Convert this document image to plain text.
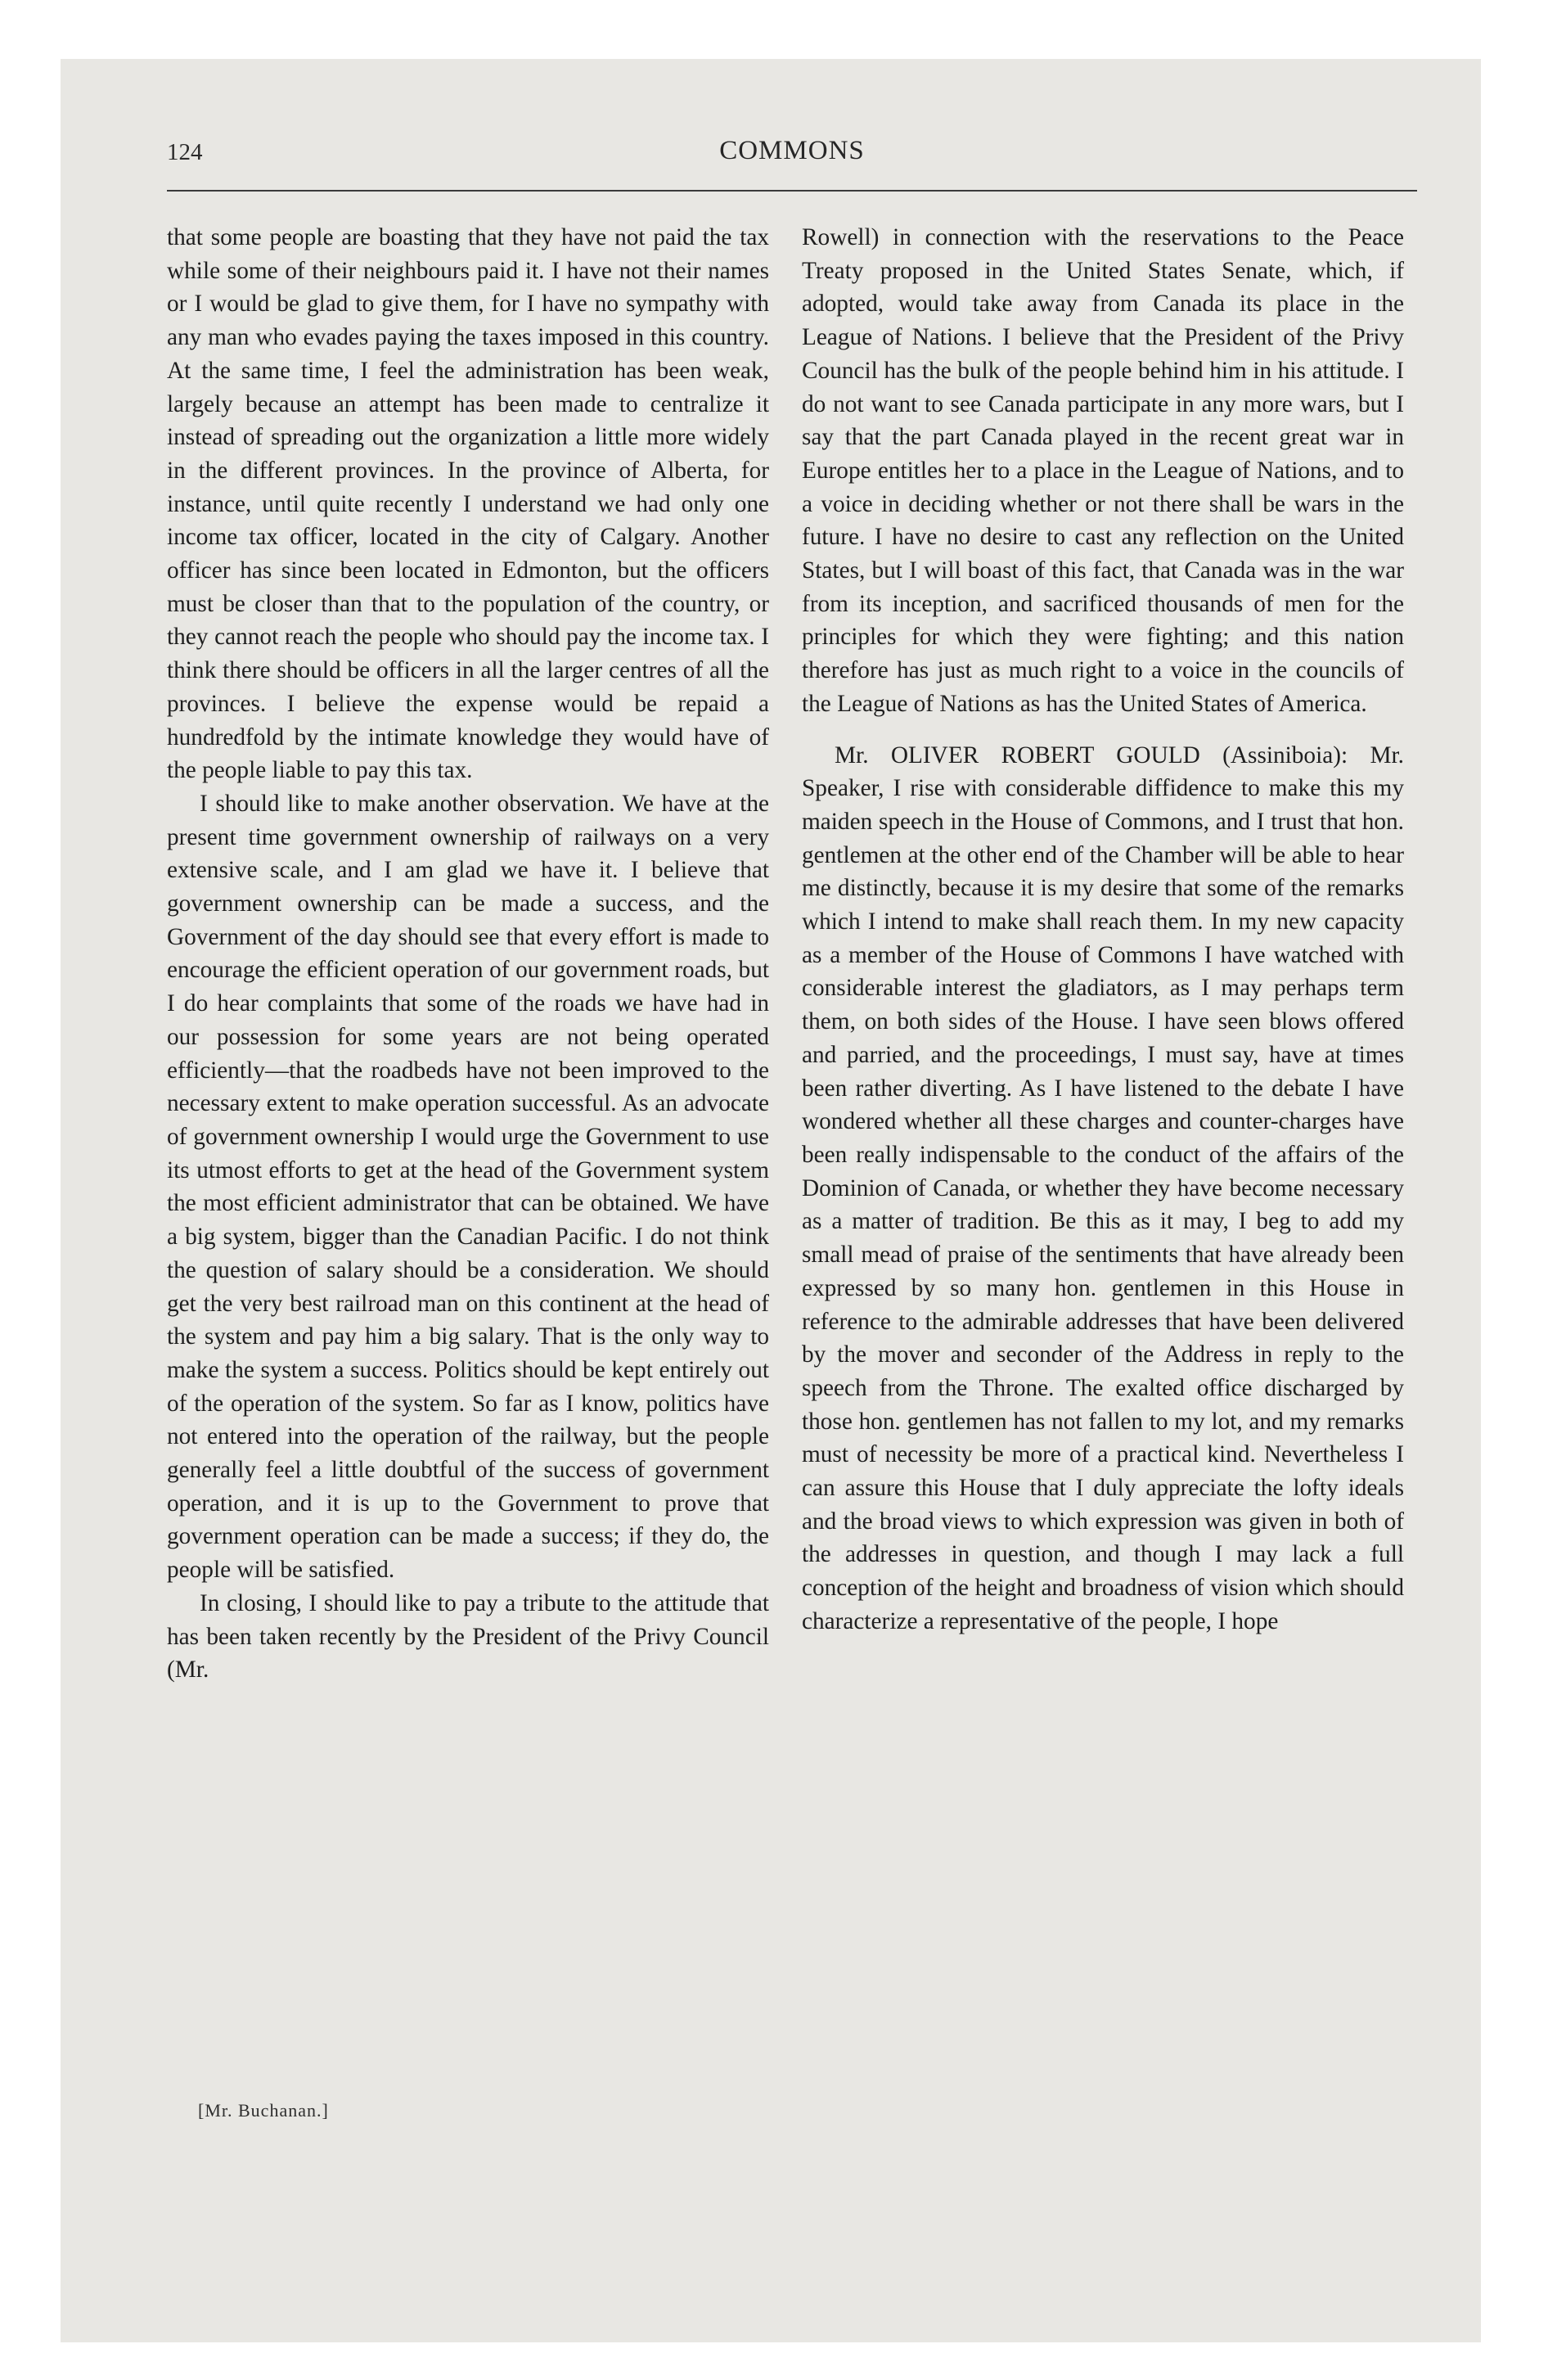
124	COMMONS

that some people are boasting that they have not paid the tax while some of their neighbours paid it. I have not their names or I would be glad to give them, for I have no sympathy with any man who evades paying the taxes imposed in this country. At the same time, I feel the administration has been weak, largely because an attempt has been made to centralize it instead of spreading out the organization a little more widely in the different provinces. In the province of Alberta, for instance, until quite recently I understand we had only one income tax officer, located in the city of Calgary. Another officer has since been located in Edmonton, but the officers must be closer than that to the population of the country, or they cannot reach the people who should pay the income tax. I think there should be officers in all the larger centres of all the provinces. I believe the expense would be repaid a hundredfold by the intimate knowledge they would have of the people liable to pay this tax.

I should like to make another observation. We have at the present time government ownership of railways on a very extensive scale, and I am glad we have it. I believe that government ownership can be made a success, and the Government of the day should see that every effort is made to encourage the efficient operation of our government roads, but I do hear complaints that some of the roads we have had in our possession for some years are not being operated efficiently—that the roadbeds have not been improved to the necessary extent to make operation successful. As an advocate of government ownership I would urge the Government to use its utmost efforts to get at the head of the Government system the most efficient administrator that can be obtained. We have a big system, bigger than the Canadian Pacific. I do not think the question of salary should be a consideration. We should get the very best railroad man on this continent at the head of the system and pay him a big salary. That is the only way to make the system a success. Politics should be kept entirely out of the operation of the system. So far as I know, politics have not entered into the operation of the railway, but the people generally feel a little doubtful of the success of government operation, and it is up to the Government to prove that government operation can be made a success; if they do, the people will be satisfied.

In closing, I should like to pay a tribute to the attitude that has been taken recently by the President of the Privy Council (Mr.

Rowell) in connection with the reservations to the Peace Treaty proposed in the United States Senate, which, if adopted, would take away from Canada its place in the League of Nations. I believe that the President of the Privy Council has the bulk of the people behind him in his attitude. I do not want to see Canada participate in any more wars, but I say that the part Canada played in the recent great war in Europe entitles her to a place in the League of Nations, and to a voice in deciding whether or not there shall be wars in the future. I have no desire to cast any reflection on the United States, but I will boast of this fact, that Canada was in the war from its inception, and sacrificed thousands of men for the principles for which they were fighting; and this nation therefore has just as much right to a voice in the councils of the League of Nations as has the United States of America.

Mr. OLIVER ROBERT GOULD (Assiniboia): Mr. Speaker, I rise with considerable diffidence to make this my maiden speech in the House of Commons, and I trust that hon. gentlemen at the other end of the Chamber will be able to hear me distinctly, because it is my desire that some of the remarks which I intend to make shall reach them. In my new capacity as a member of the House of Commons I have watched with considerable interest the gladiators, as I may perhaps term them, on both sides of the House. I have seen blows offered and parried, and the proceedings, I must say, have at times been rather diverting. As I have listened to the debate I have wondered whether all these charges and counter-charges have been really indispensable to the conduct of the affairs of the Dominion of Canada, or whether they have become necessary as a matter of tradition. Be this as it may, I beg to add my small mead of praise of the sentiments that have already been expressed by so many hon. gentlemen in this House in reference to the admirable addresses that have been delivered by the mover and seconder of the Address in reply to the speech from the Throne. The exalted office discharged by those hon. gentlemen has not fallen to my lot, and my remarks must of necessity be more of a practical kind. Nevertheless I can assure this House that I duly appreciate the lofty ideals and the broad views to which expression was given in both of the addresses in question, and though I may lack a full conception of the height and broadness of vision which should characterize a representative of the people, I hope

[Mr. Buchanan.]
